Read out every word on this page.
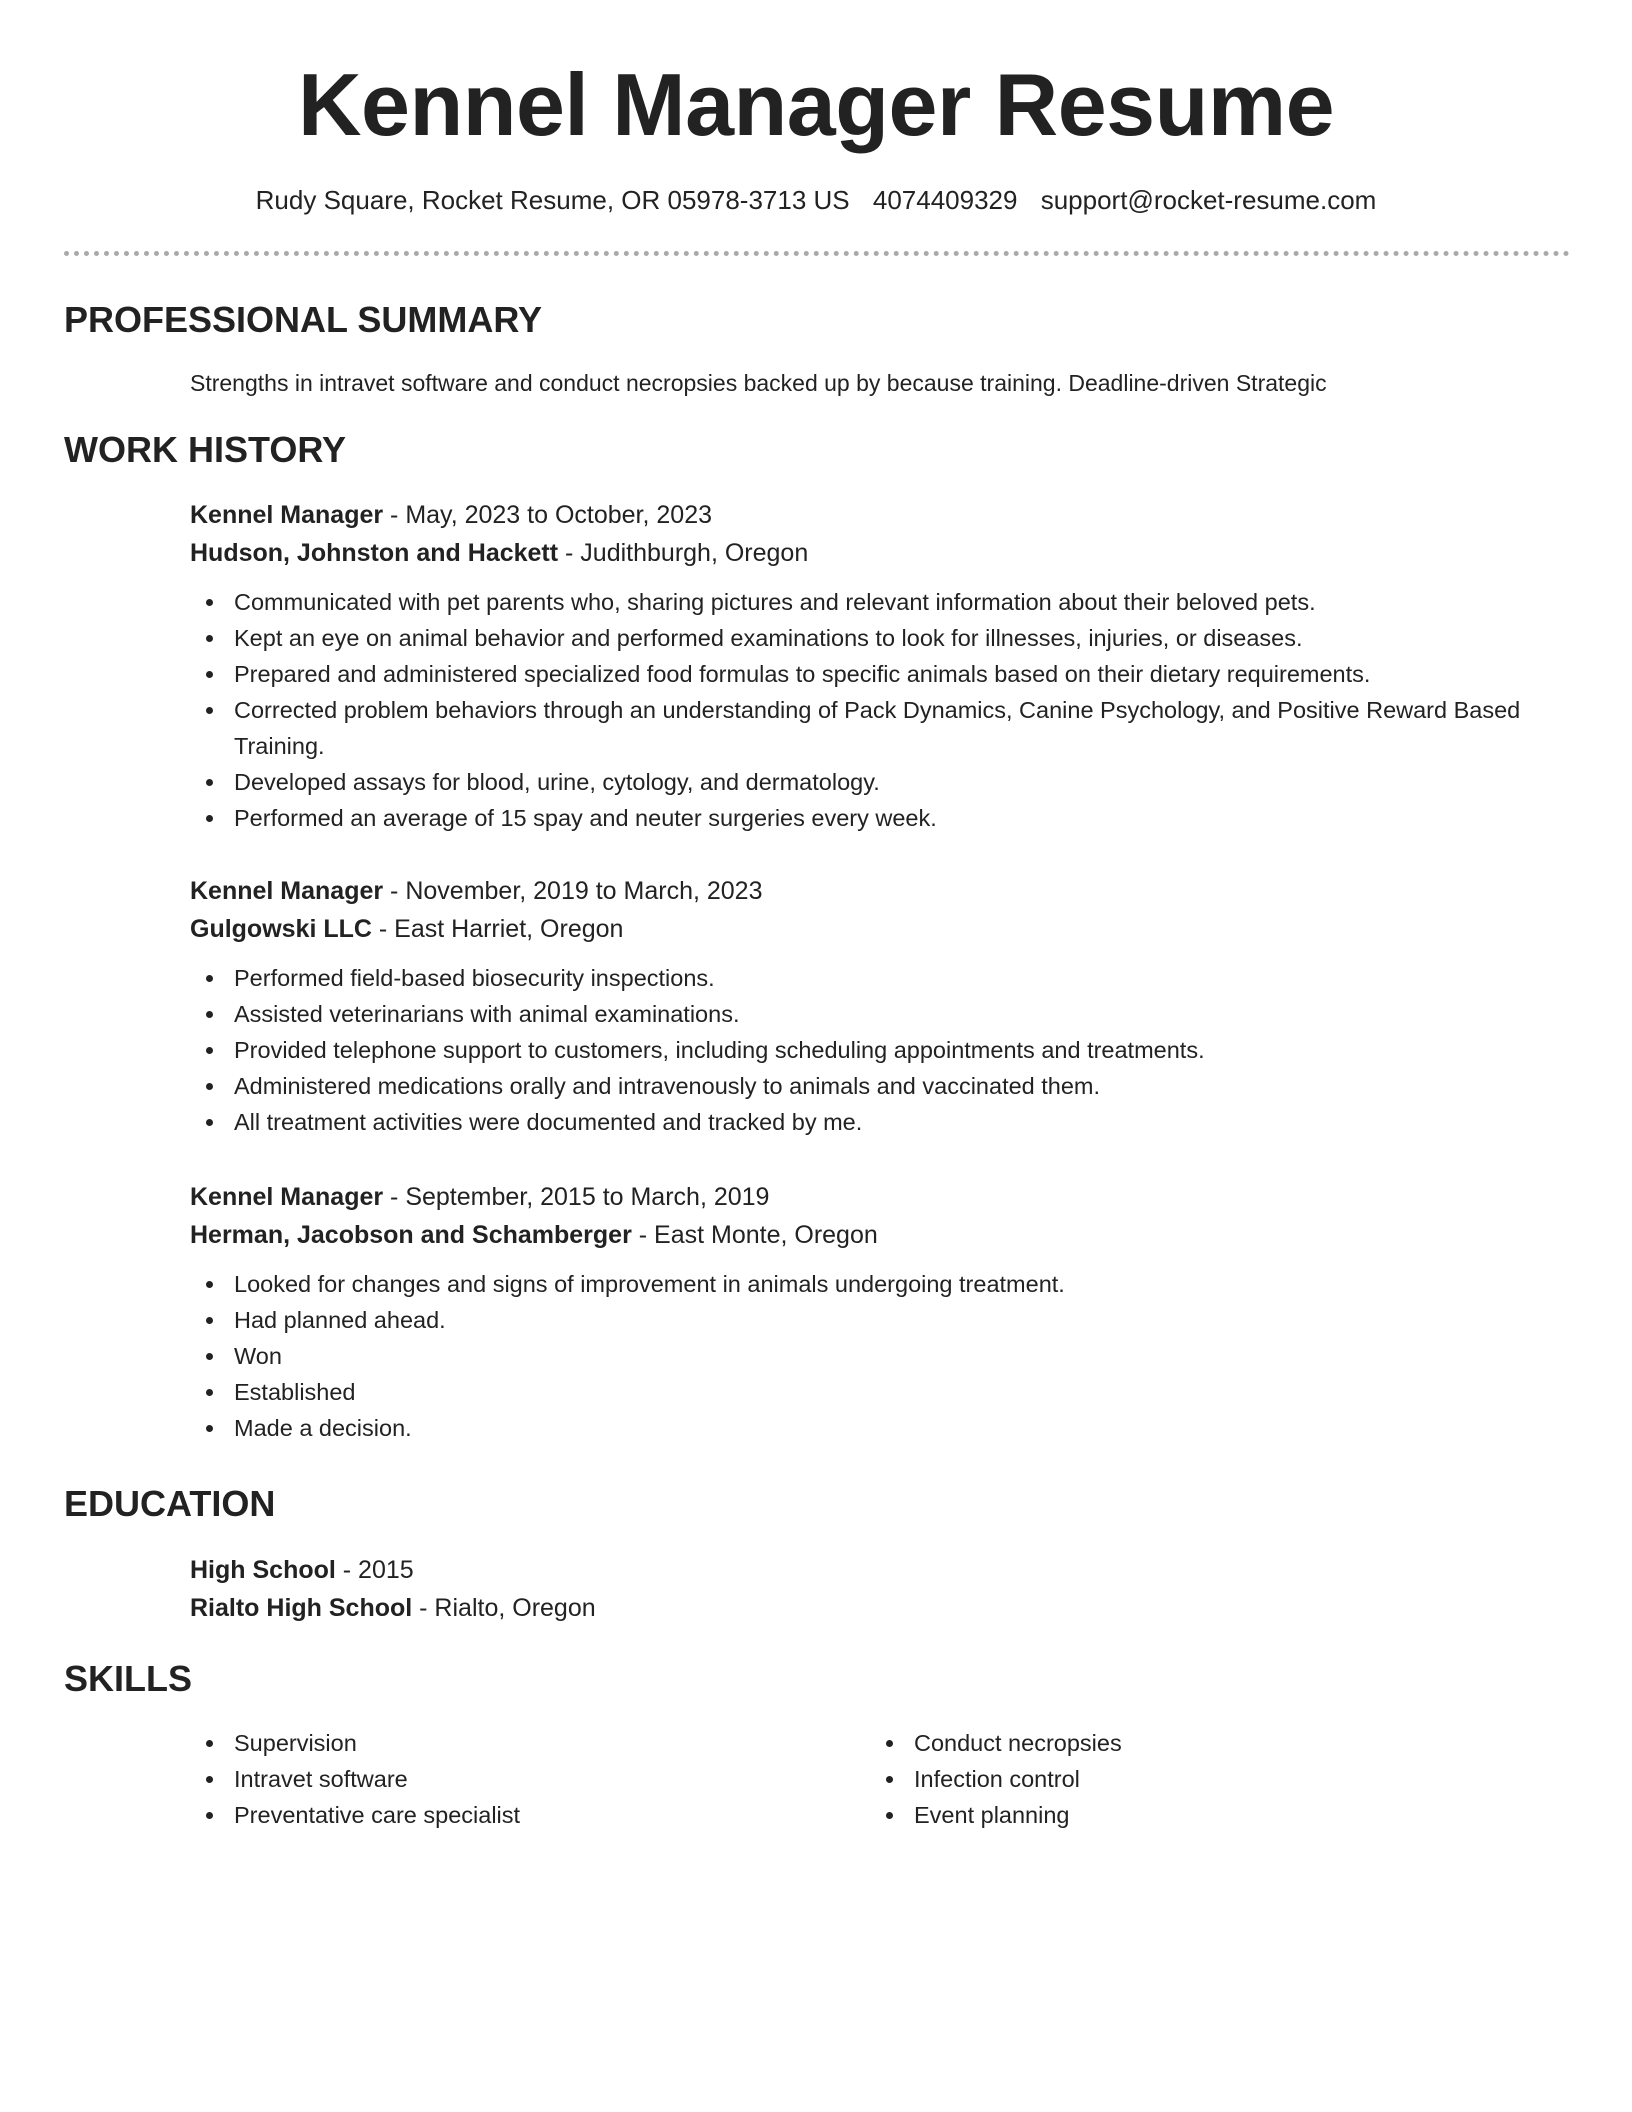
Kennel Manager Resume
Rudy Square, Rocket Resume, OR 05978-3713 US 4074409329 support@rocket-resume.com
PROFESSIONAL SUMMARY
Strengths in intravet software and conduct necropsies backed up by because training. Deadline-driven Strategic
WORK HISTORY
Kennel Manager - May, 2023 to October, 2023
Hudson, Johnston and Hackett - Judithburgh, Oregon
Communicated with pet parents who, sharing pictures and relevant information about their beloved pets.
Kept an eye on animal behavior and performed examinations to look for illnesses, injuries, or diseases.
Prepared and administered specialized food formulas to specific animals based on their dietary requirements.
Corrected problem behaviors through an understanding of Pack Dynamics, Canine Psychology, and Positive Reward Based Training.
Developed assays for blood, urine, cytology, and dermatology.
Performed an average of 15 spay and neuter surgeries every week.
Kennel Manager - November, 2019 to March, 2023
Gulgowski LLC - East Harriet, Oregon
Performed field-based biosecurity inspections.
Assisted veterinarians with animal examinations.
Provided telephone support to customers, including scheduling appointments and treatments.
Administered medications orally and intravenously to animals and vaccinated them.
All treatment activities were documented and tracked by me.
Kennel Manager - September, 2015 to March, 2019
Herman, Jacobson and Schamberger - East Monte, Oregon
Looked for changes and signs of improvement in animals undergoing treatment.
Had planned ahead.
Won
Established
Made a decision.
EDUCATION
High School - 2015
Rialto High School - Rialto, Oregon
SKILLS
Supervision
Intravet software
Preventative care specialist
Conduct necropsies
Infection control
Event planning
